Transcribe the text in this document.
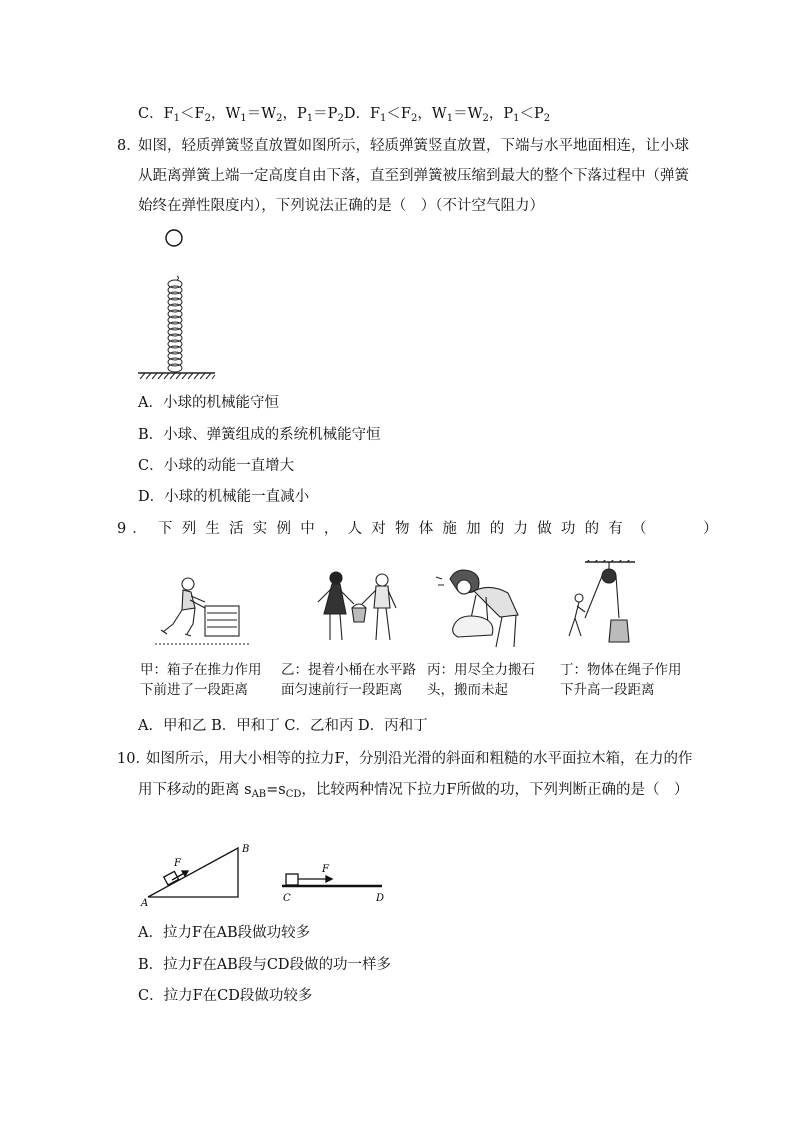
C．$F_1<F_2$，$W_1=W_2$，$P_1=P_2D$．$F_1<F_2$，$W_1=W_2$，$P_1<P_2$
8．
如图，轻质弹簧竖直放置如图所示，轻质弹簧竖直放置，下端与水平地面相连，让小球
从距离弹簧上端一定高度自由下落，直至到弹簧被压缩到最大的整个下落过程中（弹簧
始终在弹性限度内），下列说法正确的是（　）（不计空气阻力）
A．小球的机械能守恒
B．小球、弹簧组成的系统机械能守恒
C．小球的动能一直增大
D．小球的机械能一直减小
9． 下列生活实例中，人对物体施加的力做功的有（　　）
甲：箱子在推力作用
下前进了一段距离
乙：提着小桶在水平路
面匀速前行一段距离
丙：用尽全力搬石
头，搬而未起
丁：物体在绳子作用
下升高一段距离
A．甲和乙 B．甲和丁 C．乙和丙 D．丙和丁
10．
如图所示，用大小相等的拉力F，分别沿光滑的斜面和粗糙的水平面拉木箱，在力的作
用下移动的距离 $s_{AB}=s_{CD}$，比较两种情况下拉力F所做的功，下列判断正确的是（　）
A
B
F
F
C	D
A．拉力F在AB段做功较多
B．拉力F在AB段与CD段做的功一样多
C．拉力F在CD段做功较多
